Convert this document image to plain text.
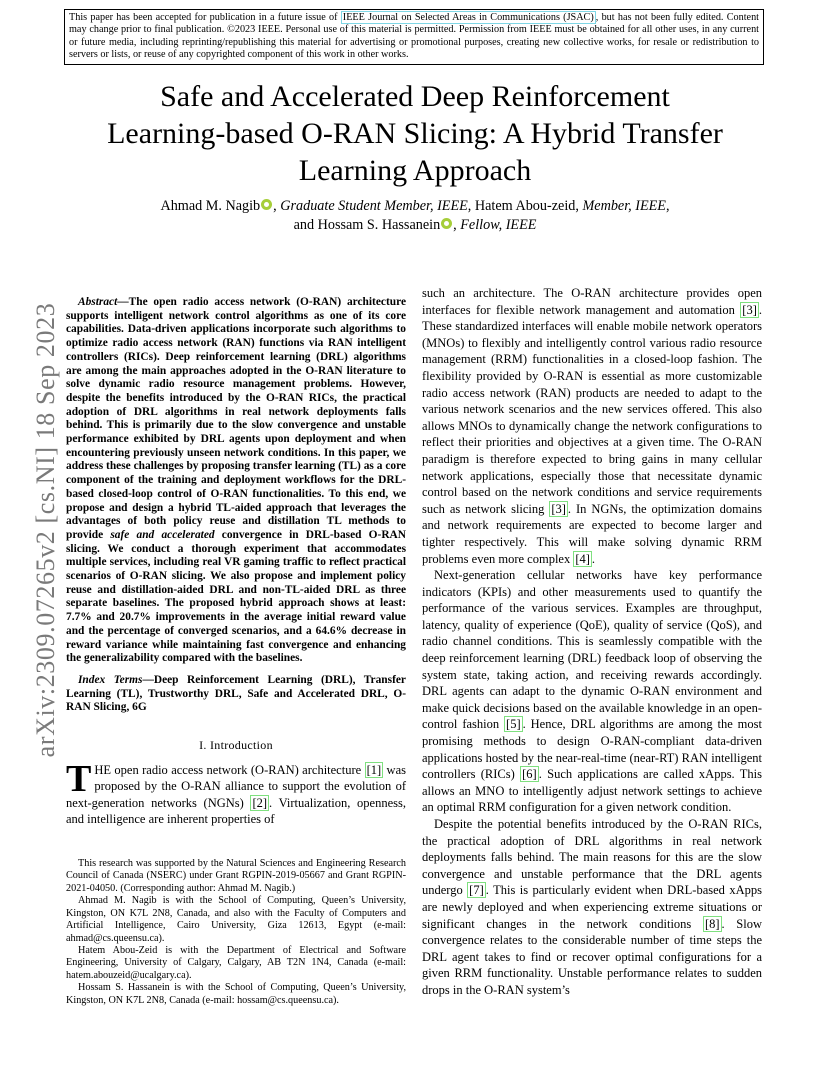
This paper has been accepted for publication in a future issue of IEEE Journal on Selected Areas in Communications (JSAC) , but has not been fully edited. Content may change prior to final publication. ©2023 IEEE. Personal use of this material is permitted. Permission from IEEE must be obtained for all other uses, in any current or future media, including reprinting/republishing this material for advertising or promotional purposes, creating new collective works, for resale or redistribution to servers or lists, or reuse of any copyrighted component of this work in other works.
arXiv:2309.07265v2 [cs.NI] 18 Sep 2023
Safe and Accelerated Deep Reinforcement Learning-based O-RAN Slicing: A Hybrid Transfer Learning Approach
Ahmad M. Nagib , Graduate Student Member, IEEE, Hatem Abou-zeid, Member, IEEE,
and Hossam S. Hassanein , Fellow, IEEE

Abstract—The open radio access network (O-RAN) architecture supports intelligent network control algorithms as one of its core capabilities. Data-driven applications incorporate such algorithms to optimize radio access network (RAN) functions via RAN intelligent controllers (RICs). Deep reinforcement learning (DRL) algorithms are among the main approaches adopted in the O-RAN literature to solve dynamic radio resource management problems. However, despite the benefits introduced by the O-RAN RICs, the practical adoption of DRL algorithms in real network deployments falls behind. This is primarily due to the slow convergence and unstable performance exhibited by DRL agents upon deployment and when encountering previously unseen network conditions. In this paper, we address these challenges by proposing transfer learning (TL) as a core component of the training and deployment workflows for the DRL-based closed-loop control of O-RAN functionalities. To this end, we propose and design a hybrid TL-aided approach that leverages the advantages of both policy reuse and distillation TL methods to provide safe and accelerated convergence in DRL-based O-RAN slicing. We conduct a thorough experiment that accommodates multiple services, including real VR gaming traffic to reflect practical scenarios of O-RAN slicing. We also propose and implement policy reuse and distillation-aided DRL and non-TL-aided DRL as three separate baselines. The proposed hybrid approach shows at least: 7.7% and 20.7% improvements in the average initial reward value and the percentage of converged scenarios, and a 64.6% decrease in reward variance while maintaining fast convergence and enhancing the generalizability compared with the baselines.

Index Terms—Deep Reinforcement Learning (DRL), Transfer Learning (TL), Trustworthy DRL, Safe and Accelerated DRL, O-RAN Slicing, 6G

I. Introduction

THE open radio access network (O-RAN) architecture [1] was proposed by the O-RAN alliance to support the evolution of next-generation networks (NGNs) [2] . Virtualization, openness, and intelligence are inherent properties of

This research was supported by the Natural Sciences and Engineering Research Council of Canada (NSERC) under Grant RGPIN-2019-05667 and Grant RGPIN-2021-04050. (Corresponding author: Ahmad M. Nagib.)

Ahmad M. Nagib is with the School of Computing, Queen’s University, Kingston, ON K7L 2N8, Canada, and also with the Faculty of Computers and Artificial Intelligence, Cairo University, Giza 12613, Egypt (e-mail: ahmad@cs.queensu.ca).

Hatem Abou-Zeid is with the Department of Electrical and Software Engineering, University of Calgary, Calgary, AB T2N 1N4, Canada (e-mail: hatem.abouzeid@ucalgary.ca).

Hossam S. Hassanein is with the School of Computing, Queen’s University, Kingston, ON K7L 2N8, Canada (e-mail: hossam@cs.queensu.ca).

such an architecture. The O-RAN architecture provides open interfaces for flexible network management and automation [3] . These standardized interfaces will enable mobile network operators (MNOs) to flexibly and intelligently control various radio resource management (RRM) functionalities in a closed-loop fashion. The flexibility provided by O-RAN is essential as more customizable radio access network (RAN) products are needed to adapt to the various network scenarios and the new services offered. This also allows MNOs to dynamically change the network configurations to reflect their priorities and objectives at a given time. The O-RAN paradigm is therefore expected to bring gains in many cellular network applications, especially those that necessitate dynamic control based on the network conditions and service requirements such as network slicing [3] . In NGNs, the optimization domains and network requirements are expected to become larger and tighter respectively. This will make solving dynamic RRM problems even more complex [4] .

Next-generation cellular networks have key performance indicators (KPIs) and other measurements used to quantify the performance of the various services. Examples are throughput, latency, quality of experience (QoE), quality of service (QoS), and radio channel conditions. This is seamlessly compatible with the deep reinforcement learning (DRL) feedback loop of observing the system state, taking action, and receiving rewards accordingly. DRL agents can adapt to the dynamic O-RAN environment and make quick decisions based on the available knowledge in an open-control fashion [5] . Hence, DRL algorithms are among the most promising methods to design O-RAN-compliant data-driven applications hosted by the near-real-time (near-RT) RAN intelligent controllers (RICs) [6] . Such applications are called xApps. This allows an MNO to intelligently adjust network settings to achieve an optimal RRM configuration for a given network condition.

Despite the potential benefits introduced by the O-RAN RICs, the practical adoption of DRL algorithms in real network deployments falls behind. The main reasons for this are the slow convergence and unstable performance that the DRL agents undergo [7] . This is particularly evident when DRL-based xApps are newly deployed and when experiencing extreme situations or significant changes in the network conditions [8] . Slow convergence relates to the considerable number of time steps the DRL agent takes to find or recover optimal configurations for a given RRM functionality. Unstable performance relates to sudden drops in the O-RAN system’s
